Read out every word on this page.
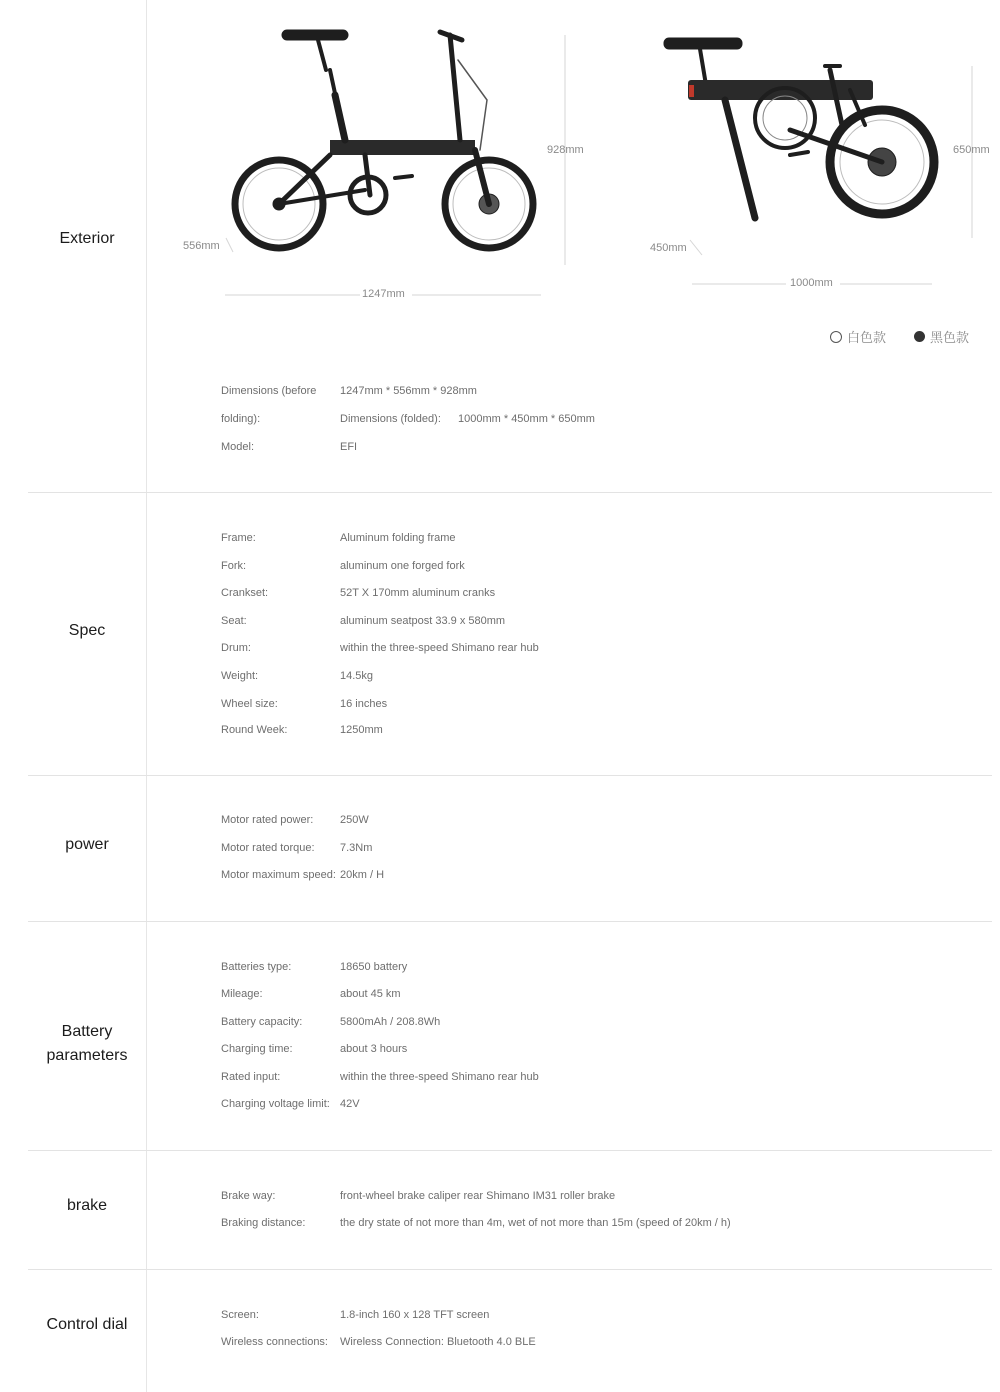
928mm
556mm
1247mm
650mm
450mm
1000mm
白色款	黑色款
Exterior
Spec
power
Battery
parameters
brake
Control dial
Dimensions (before 1247mm * 556mm * 928mm
folding):	Dimensions (folded): 1000mm * 450mm * 650mm
Model:	EFI
Frame:	Aluminum folding frame
Fork:	aluminum one forged fork
Crankset:	52T X 170mm aluminum cranks
Seat:	aluminum seatpost 33.9 x 580mm
Drum:	within the three-speed Shimano rear hub
Weight:	14.5kg
Wheel size:	16 inches
Round Week:	1250mm
Motor rated power: 250W
Motor rated torque: 7.3Nm
Motor maximum speed: 20km / H
Batteries type:	18650 battery
Mileage:	about 45 km
Battery capacity:	5800mAh / 208.8Wh
Charging time:	about 3 hours
Rated input:	within the three-speed Shimano rear hub
Charging voltage limit: 42V
Brake way:	front-wheel brake caliper rear Shimano IM31 roller brake
Braking distance:	the dry state of not more than 4m, wet of not more than 15m (speed of 20km / h)
Screen:	1.8-inch 160 x 128 TFT screen
Wireless connections: Wireless Connection: Bluetooth 4.0 BLE
